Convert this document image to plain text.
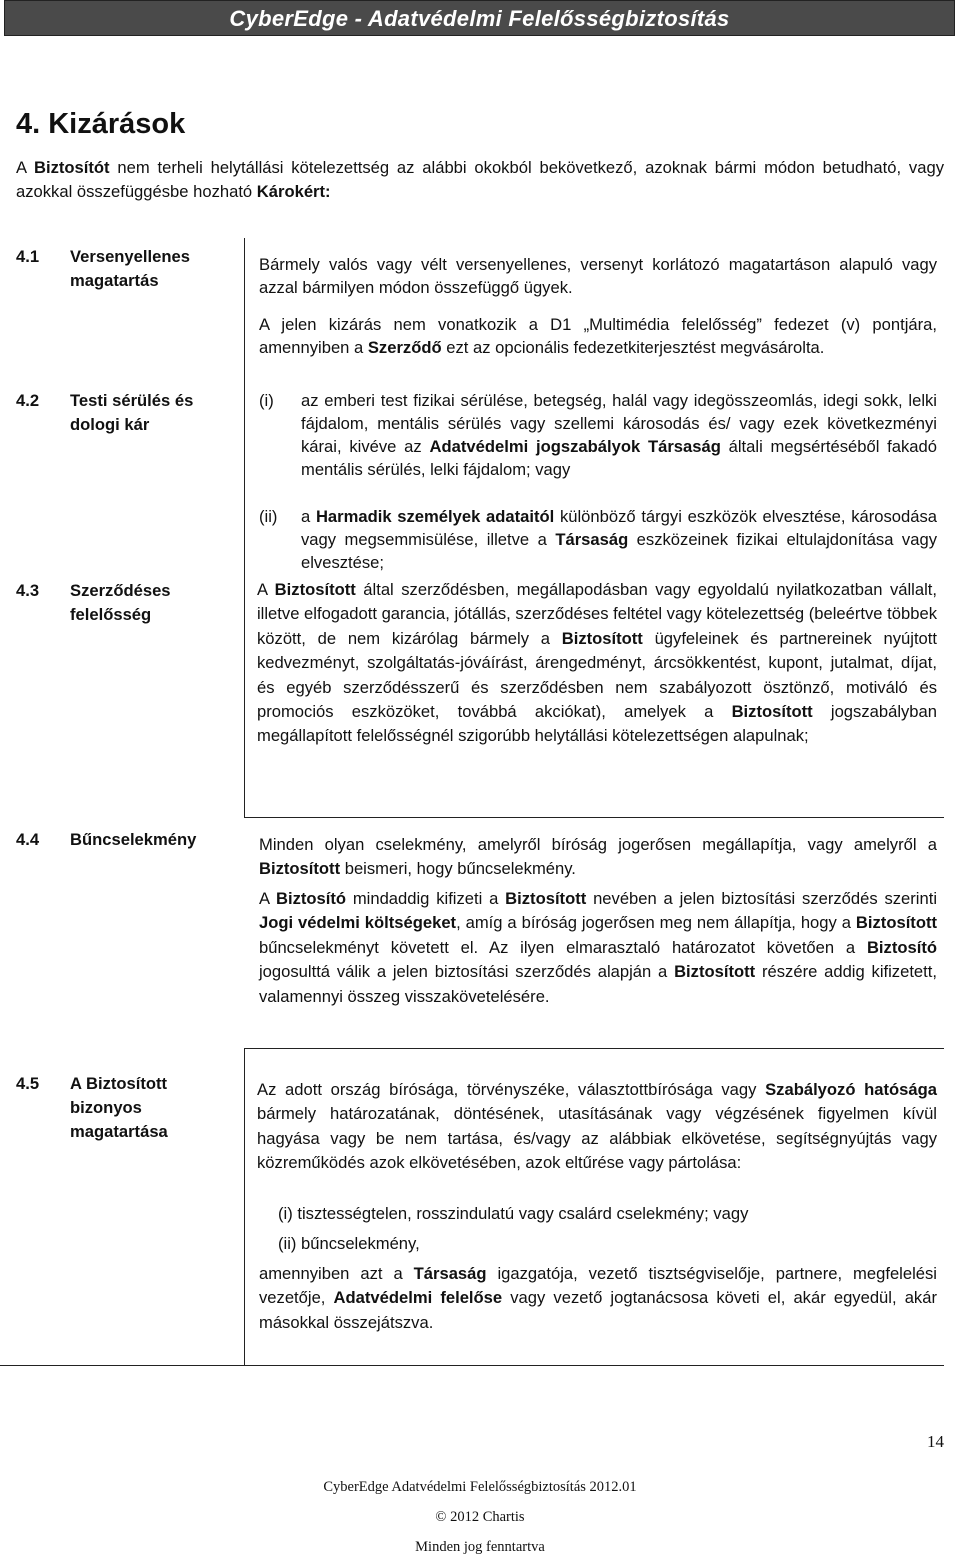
CyberEdge - Adatvédelmi Felelősségbiztosítás
4. Kizárások
A Biztosítót nem terheli helytállási kötelezettség az alábbi okokból bekövetkező, azoknak bármi módon betudható, vagy azokkal összefüggésbe hozható Károkért:
4.1 Versenyellenes magatartás
Bármely valós vagy vélt versenyellenes, versenyt korlátozó magatartáson alapuló vagy azzal bármilyen módon összefüggő ügyek.
A jelen kizárás nem vonatkozik a D1 „Multimédia felelősség” fedezet (v) pontjára, amennyiben a Szerződő ezt az opcionális fedezetkiterjesztést megvásárolta.
4.2 Testi sérülés és dologi kár
(i) az emberi test fizikai sérülése, betegség, halál vagy idegösszeomlás, idegi sokk, lelki fájdalom, mentális sérülés vagy szellemi károsodás és/ vagy ezek következményi kárai, kivéve az Adatvédelmi jogszabályok Társaság általi megsértéséből fakadó mentális sérülés, lelki fájdalom; vagy
(ii) a Harmadik személyek adataitól különböző tárgyi eszközök elvesztése, károsodása vagy megsemmisülése, illetve a Társaság eszközeinek fizikai eltulajdonítása vagy elvesztése;
4.3 Szerződéses felelősség
A Biztosított által szerződésben, megállapodásban vagy egyoldalú nyilatkozatban vállalt, illetve elfogadott garancia, jótállás, szerződéses feltétel vagy kötelezettség (beleértve többek között, de nem kizárólag bármely a Biztosított ügyfeleinek és partnereinek nyújtott kedvezményt, szolgáltatás-jóváírást, árengedményt, árcsökkentést, kupont, jutalmat, díjat, és egyéb szerződésszerű és szerződésben nem szabályozott ösztönző, motiváló és promociós eszközöket, továbbá akciókat), amelyek a Biztosított jogszabályban megállapított felelősségnél szigorúbb helytállási kötelezettségen alapulnak;
4.4 Bűncselekmény	Minden olyan cselekmény, amelyről bíróság jogerősen megállapítja, vagy amelyről a Biztosított beismeri, hogy bűncselekmény.
A Biztosító mindaddig kifizeti a Biztosított nevében a jelen biztosítási szerződés szerinti Jogi védelmi költségeket, amíg a bíróság jogerősen meg nem állapítja, hogy a Biztosított bűncselekményt követett el. Az ilyen elmarasztaló határozatot követően a Biztosító jogosulttá válik a jelen biztosítási szerződés alapján a Biztosított részére addig kifizetett, valamennyi összeg visszakövetelésére.
4.5 A Biztosított bizonyos magatartása
Az adott ország bírósága, törvényszéke, választottbírósága vagy Szabályozó hatósága bármely határozatának, döntésének, utasításának vagy végzésének figyelmen kívül hagyása vagy be nem tartása, és/vagy az alábbiak elkövetése, segítségnyújtás vagy közreműködés azok elkövetésében, azok eltűrése vagy pártolása:
(i) tisztességtelen, rosszindulatú vagy csalárd cselekmény; vagy
(ii) bűncselekmény,
amennyiben azt a Társaság igazgatója, vezető tisztségviselője, partnere, megfelelési vezetője, Adatvédelmi felelőse vagy vezető jogtanácsosa követi el, akár egyedül, akár másokkal összejátszva.
14
CyberEdge Adatvédelmi Felelősségbiztosítás 2012.01
© 2012 Chartis
Minden jog fenntartva
